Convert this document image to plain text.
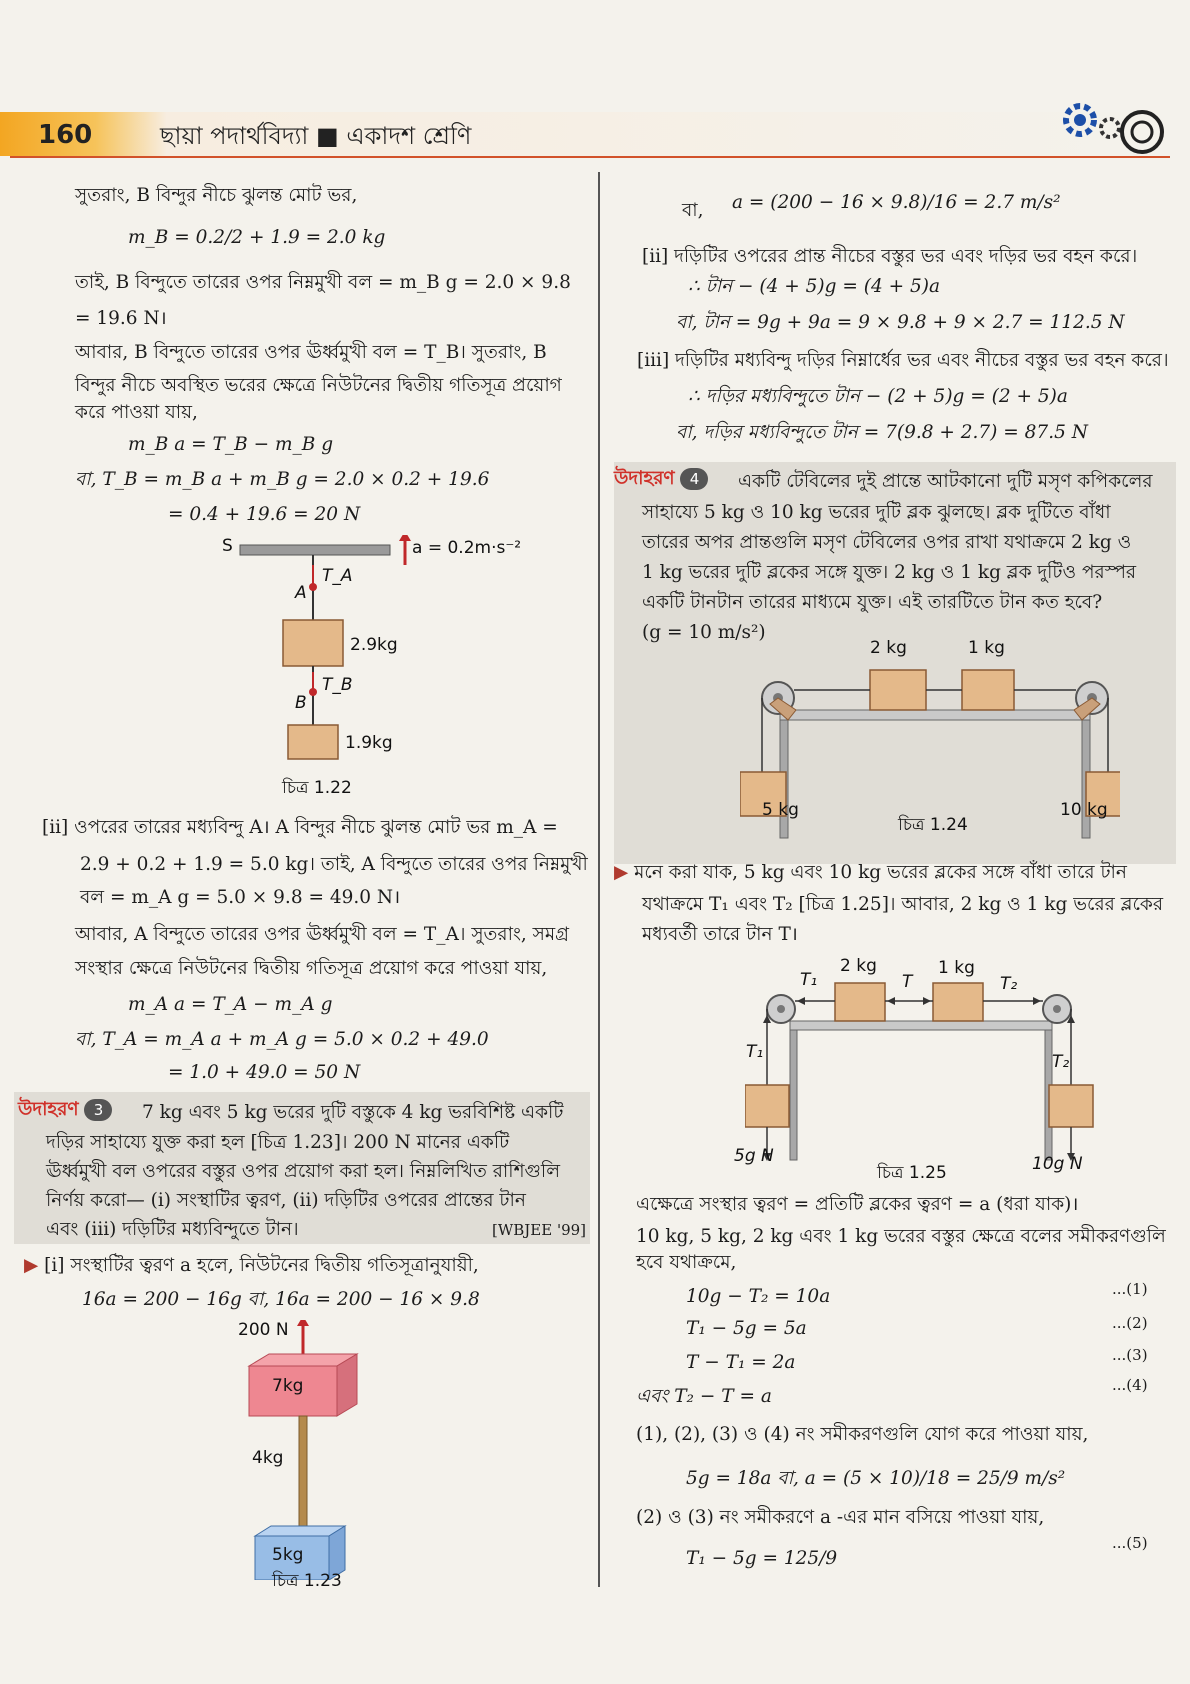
160	ছায়া পদার্থবিদ্যা ■ একাদশ শ্রেণি
সুতরাং, B বিন্দুর নীচে ঝুলন্ত মোট ভর,
m_B = 0.2/2 + 1.9 = 2.0 kg
তাই, B বিন্দুতে তারের ওপর নিম্নমুখী বল = m_B g = 2.0 × 9.8
= 19.6 N।
আবার, B বিন্দুতে তারের ওপর ঊর্ধ্বমুখী বল = T_B। সুতরাং, B
বিন্দুর নীচে অবস্থিত ভরের ক্ষেত্রে নিউটনের দ্বিতীয় গতিসূত্র প্রয়োগ
করে পাওয়া যায়,
m_B a = T_B − m_B g
বা, T_B = m_B a + m_B g = 2.0 × 0.2 + 19.6
= 0.4 + 19.6 = 20 N
S	a = 0.2m·s⁻²
T_A
A
2.9kg
T_B
B
1.9kg
চিত্র 1.22
[ii] ওপরের তারের মধ্যবিন্দু A। A বিন্দুর নীচে ঝুলন্ত মোট ভর m_A =
2.9 + 0.2 + 1.9 = 5.0 kg। তাই, A বিন্দুতে তারের ওপর নিম্নমুখী
বল = m_A g = 5.0 × 9.8 = 49.0 N।
আবার, A বিন্দুতে তারের ওপর ঊর্ধ্বমুখী বল = T_A। সুতরাং, সমগ্র
সংস্থার ক্ষেত্রে নিউটনের দ্বিতীয় গতিসূত্র প্রয়োগ করে পাওয়া যায়,
m_A a = T_A − m_A g
বা, T_A = m_A a + m_A g = 5.0 × 0.2 + 49.0
= 1.0 + 49.0 = 50 N
উদাহরণ 3	7 kg এবং 5 kg ভরের দুটি বস্তুকে 4 kg ভরবিশিষ্ট একটি
দড়ির সাহায্যে যুক্ত করা হল [চিত্র 1.23]। 200 N মানের একটি
ঊর্ধ্বমুখী বল ওপরের বস্তুর ওপর প্রয়োগ করা হল। নিম্নলিখিত রাশিগুলি
নির্ণয় করো— (i) সংস্থাটির ত্বরণ, (ii) দড়িটির ওপরের প্রান্তের টান
এবং (iii) দড়িটির মধ্যবিন্দুতে টান।	[WBJEE '99]
▶ [i] সংস্থাটির ত্বরণ a হলে, নিউটনের দ্বিতীয় গতিসূত্রানুযায়ী,
16a = 200 − 16g বা, 16a = 200 − 16 × 9.8
200 N
7kg
4kg
5kg
চিত্র 1.23
বা, a = (200 − 16 × 9.8)/16 = 2.7 m/s²
[ii] দড়িটির ওপরের প্রান্ত নীচের বস্তুর ভর এবং দড়ির ভর বহন করে।
∴ টান − (4 + 5)g = (4 + 5)a
বা, টান = 9g + 9a = 9 × 9.8 + 9 × 2.7 = 112.5 N
[iii] দড়িটির মধ্যবিন্দু দড়ির নিম্নার্ধের ভর এবং নীচের বস্তুর ভর বহন করে।
∴ দড়ির মধ্যবিন্দুতে টান − (2 + 5)g = (2 + 5)a
বা, দড়ির মধ্যবিন্দুতে টান = 7(9.8 + 2.7) = 87.5 N
উদাহরণ 4	একটি টেবিলের দুই প্রান্তে আটকানো দুটি মসৃণ কপিকলের
সাহায্যে 5 kg ও 10 kg ভরের দুটি ব্লক ঝুলছে। ব্লক দুটিতে বাঁধা
তারের অপর প্রান্তগুলি মসৃণ টেবিলের ওপর রাখা যথাক্রমে 2 kg ও
1 kg ভরের দুটি ব্লকের সঙ্গে যুক্ত। 2 kg ও 1 kg ব্লক দুটিও পরস্পর
একটি টানটান তারের মাধ্যমে যুক্ত। এই তারটিতে টান কত হবে?
(g = 10 m/s²)
2 kg	1 kg
5 kg	10 kg
চিত্র 1.24
▶ মনে করা যাক, 5 kg এবং 10 kg ভরের ব্লকের সঙ্গে বাঁধা তারে টান
যথাক্রমে T₁ এবং T₂ [চিত্র 1.25]। আবার, 2 kg ও 1 kg ভরের ব্লকের
মধ্যবর্তী তারে টান T।
2 kg	1 kg
T₁	T	T₂
T₁	T₂
5g N	10g N
চিত্র 1.25
এক্ষেত্রে সংস্থার ত্বরণ = প্রতিটি ব্লকের ত্বরণ = a (ধরা যাক)।
10 kg, 5 kg, 2 kg এবং 1 kg ভরের বস্তুর ক্ষেত্রে বলের সমীকরণগুলি
হবে যথাক্রমে,
10g − T₂ = 10a	...(1)
T₁ − 5g = 5a	...(2)
T − T₁ = 2a	...(3)
এবং T₂ − T = a
...(4)
(1), (2), (3) ও (4) নং সমীকরণগুলি যোগ করে পাওয়া যায়,
5g = 18a বা, a = (5 × 10)/18 = 25/9 m/s²
(2) ও (3) নং সমীকরণে a -এর মান বসিয়ে পাওয়া যায়,
T₁ − 5g = 125/9
...(5)
